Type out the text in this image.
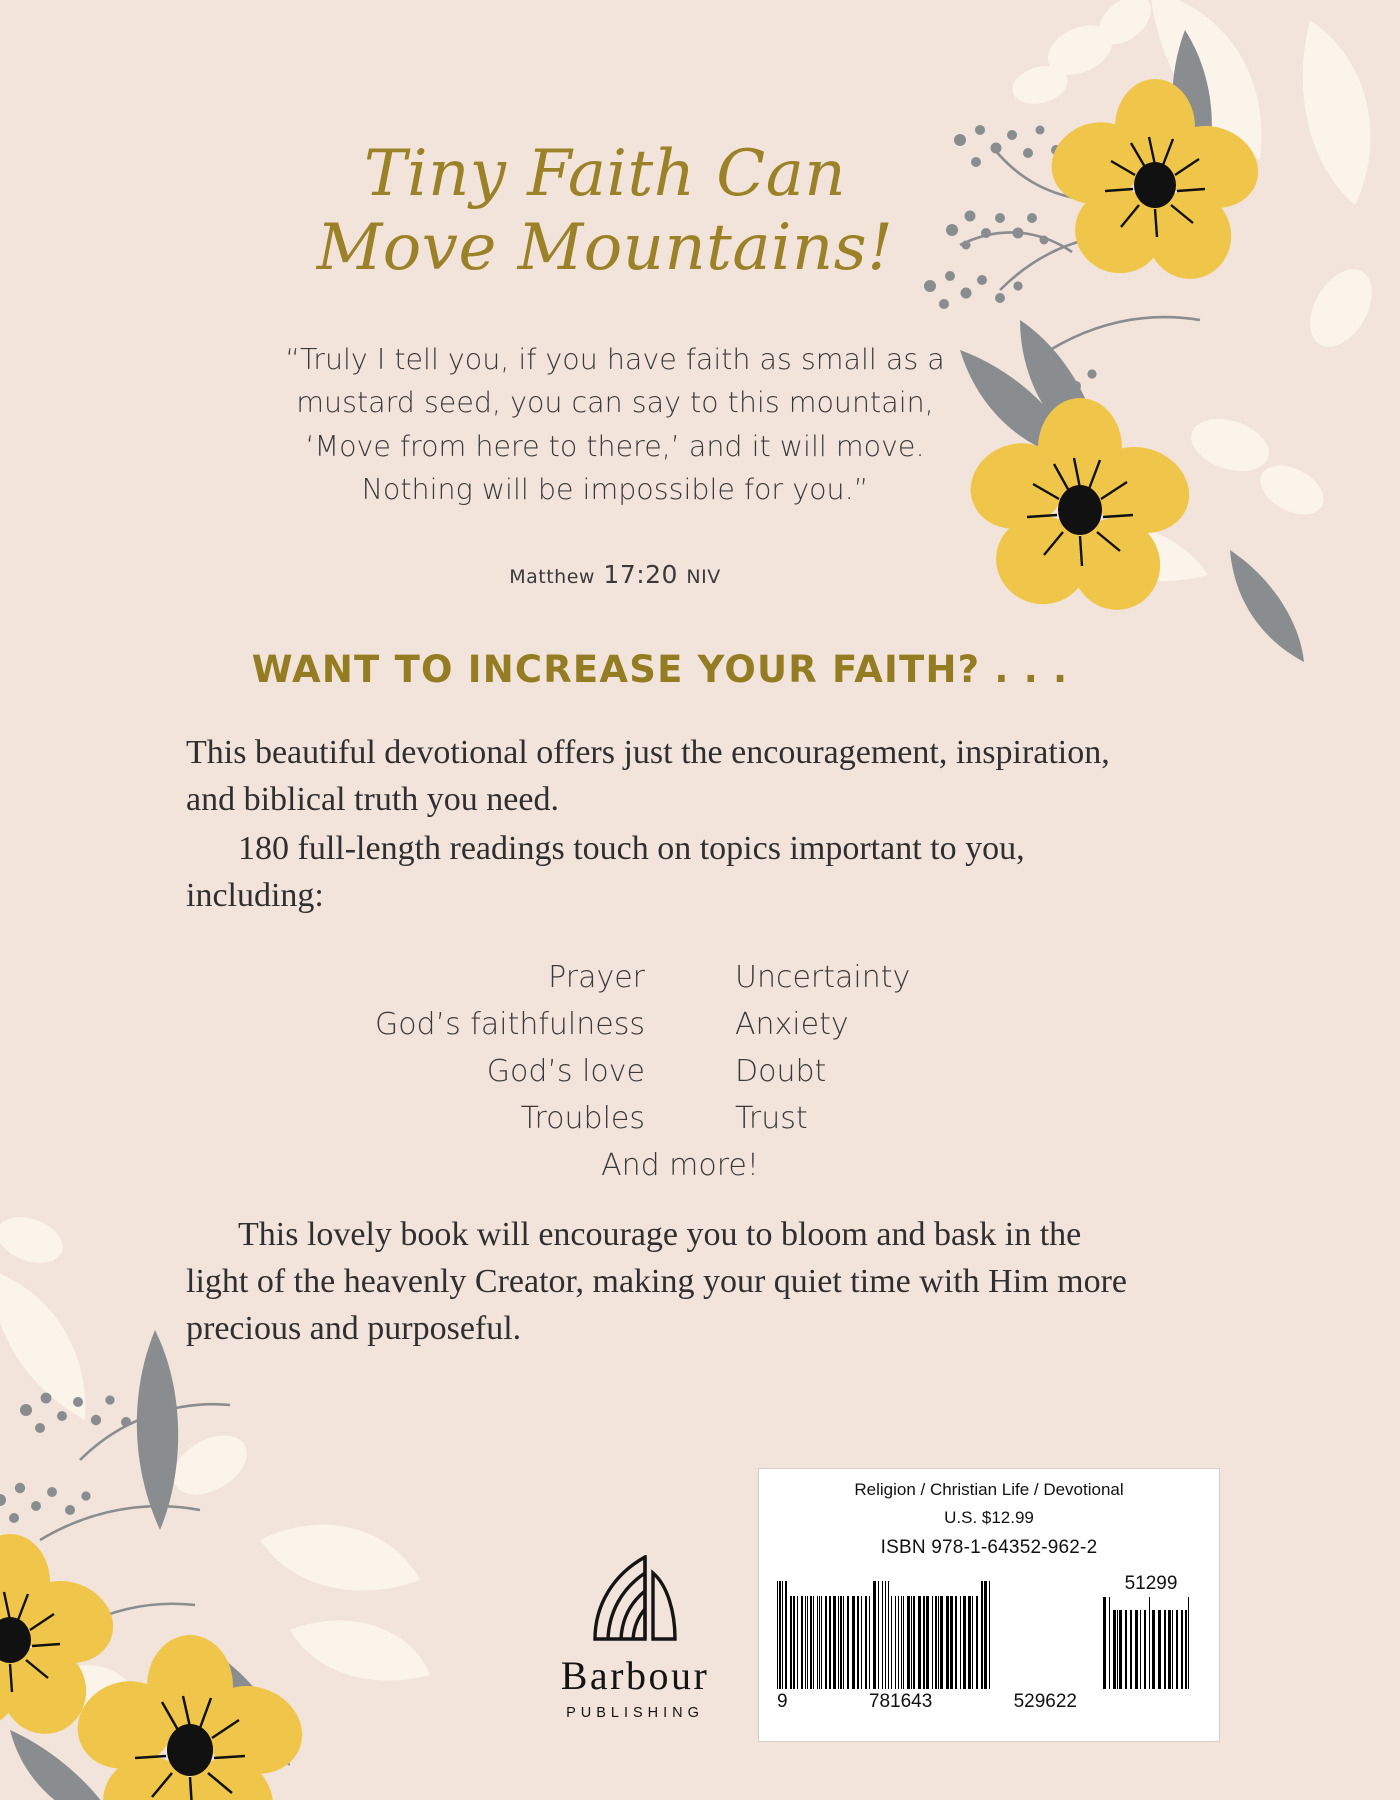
Tiny Faith Can
Move Mountains!
“Truly I tell you, if you have faith as small as a mustard seed, you can say to this mountain, ‘Move from here to there,’ and it will move. Nothing will be impossible for you.”
Matthew 17:20 NIV
WANT TO INCREASE YOUR FAITH? . . .

This beautiful devotional offers just the encouragement, inspiration, and biblical truth you need.

180 full-length readings touch on topics important to you, including:

Prayer
God’s faithfulness
God’s love
Troubles
Uncertainty
Anxiety
Doubt
Trust
And more!
This lovely book will encourage you to bloom and bask in the light of the heavenly Creator, making your quiet time with Him more precious and purposeful.
Barbour
PUBLISHING
Religion / Christian Life / Devotional
U.S. $12.99
ISBN 978-1-64352-962-2
51299
9	781643	529622
